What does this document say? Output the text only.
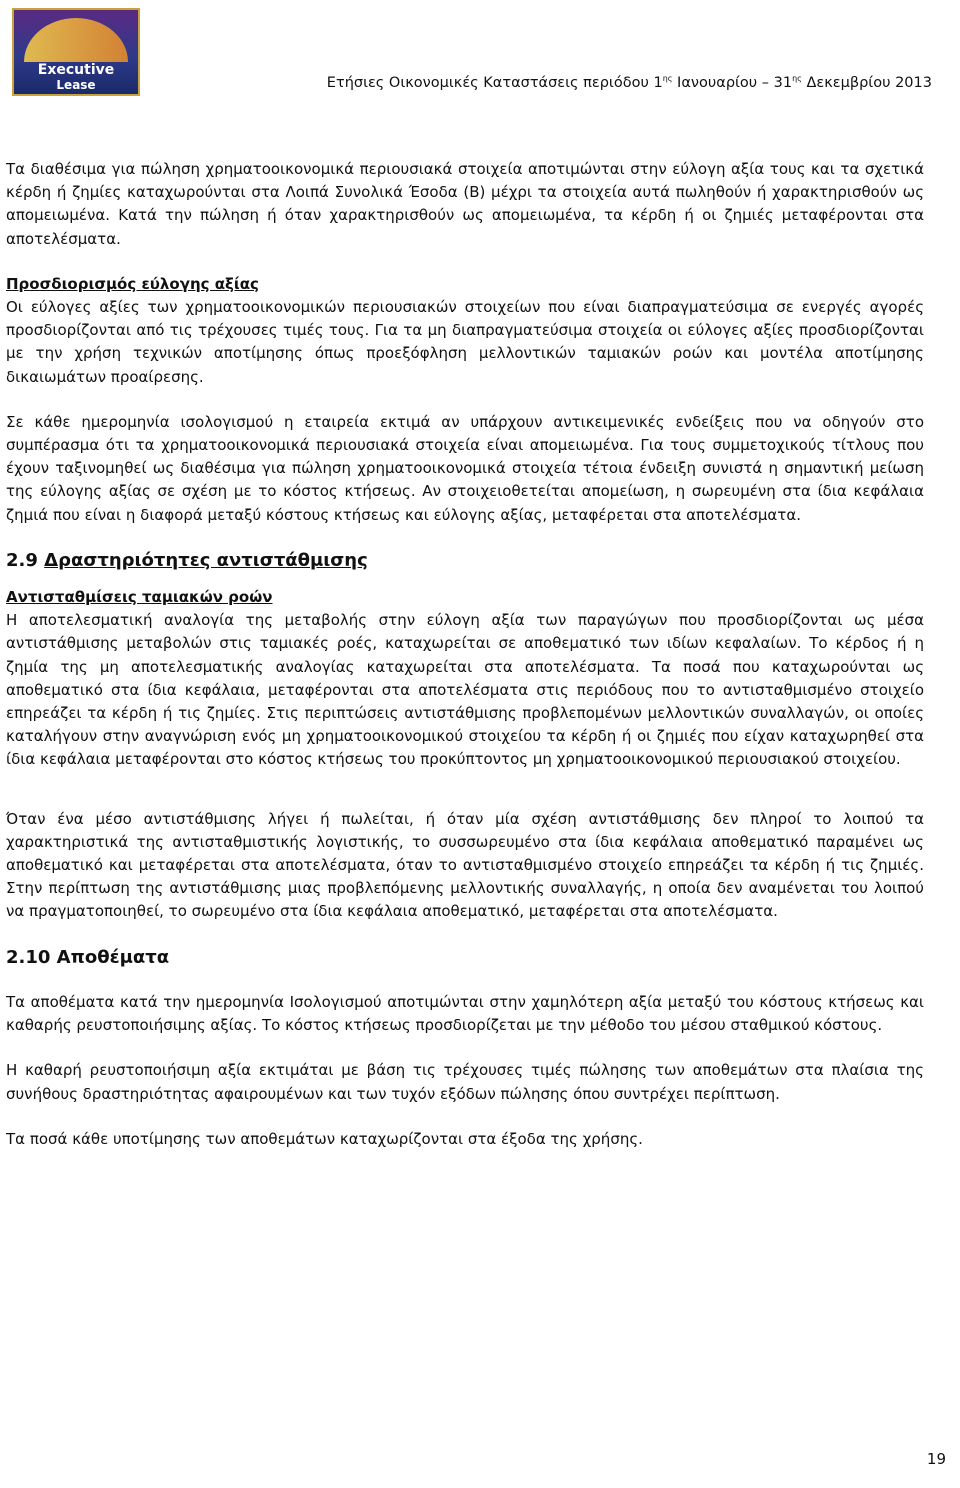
Executive
Lease	Ετήσιες Οικονομικές Καταστάσεις περιόδου $1^{\eta\varsigma}$ Ιανουαρίου – $31^{\eta\varsigma}$ Δεκεμβρίου 2013

Τα διαθέσιμα για πώληση χρηματοοικονομικά περιουσιακά στοιχεία αποτιμώνται στην εύλογη αξία τους και τα σχετικά κέρδη ή ζημίες καταχωρούνται στα Λοιπά Συνολικά Έσοδα (Β) μέχρι τα στοιχεία αυτά πωληθούν ή χαρακτηρισθούν ως απομειωμένα. Κατά την πώληση ή όταν χαρακτηρισθούν ως απομειωμένα, τα κέρδη ή οι ζημιές μεταφέρονται στα αποτελέσματα.

Προσδιορισμός εύλογης αξίας

Οι εύλογες αξίες των χρηματοοικονομικών περιουσιακών στοιχείων που είναι διαπραγματεύσιμα σε ενεργές αγορές προσδιορίζονται από τις τρέχουσες τιμές τους. Για τα μη διαπραγματεύσιμα στοιχεία οι εύλογες αξίες προσδιορίζονται με την χρήση τεχνικών αποτίμησης όπως προεξόφληση μελλοντικών ταμιακών ροών και μοντέλα αποτίμησης δικαιωμάτων προαίρεσης.

Σε κάθε ημερομηνία ισολογισμού η εταιρεία εκτιμά αν υπάρχουν αντικειμενικές ενδείξεις που να οδηγούν στο συμπέρασμα ότι τα χρηματοοικονομικά περιουσιακά στοιχεία είναι απομειωμένα. Για τους συμμετοχικούς τίτλους που έχουν ταξινομηθεί ως διαθέσιμα για πώληση χρηματοοικονομικά στοιχεία τέτοια ένδειξη συνιστά η σημαντική μείωση της εύλογης αξίας σε σχέση με το κόστος κτήσεως. Αν στοιχειοθετείται απομείωση, η σωρευμένη στα ίδια κεφάλαια ζημιά που είναι η διαφορά μεταξύ κόστους κτήσεως και εύλογης αξίας, μεταφέρεται στα αποτελέσματα.

2.9 Δραστηριότητες αντιστάθμισης
Αντισταθμίσεις ταμιακών ροών

Η αποτελεσματική αναλογία της μεταβολής στην εύλογη αξία των παραγώγων που προσδιορίζονται ως μέσα αντιστάθμισης μεταβολών στις ταμιακές ροές, καταχωρείται σε αποθεματικό των ιδίων κεφαλαίων. Το κέρδος ή η ζημία της μη αποτελεσματικής αναλογίας καταχωρείται στα αποτελέσματα. Τα ποσά που καταχωρούνται ως αποθεματικό στα ίδια κεφάλαια, μεταφέρονται στα αποτελέσματα στις περιόδους που το αντισταθμισμένο στοιχείο επηρεάζει τα κέρδη ή τις ζημίες. Στις περιπτώσεις αντιστάθμισης προβλεπομένων μελλοντικών συναλλαγών, οι οποίες καταλήγουν στην αναγνώριση ενός μη χρηματοοικονομικού στοιχείου τα κέρδη ή οι ζημιές που είχαν καταχωρηθεί στα ίδια κεφάλαια μεταφέρονται στο κόστος κτήσεως του προκύπτοντος μη χρηματοοικονομικού περιουσιακού στοιχείου.

Όταν ένα μέσο αντιστάθμισης λήγει ή πωλείται, ή όταν μία σχέση αντιστάθμισης δεν πληροί το λοιπού τα χαρακτηριστικά της αντισταθμιστικής λογιστικής, το συσσωρευμένο στα ίδια κεφάλαια αποθεματικό παραμένει ως αποθεματικό και μεταφέρεται στα αποτελέσματα, όταν το αντισταθμισμένο στοιχείο επηρεάζει τα κέρδη ή τις ζημιές. Στην περίπτωση της αντιστάθμισης μιας προβλεπόμενης μελλοντικής συναλλαγής, η οποία δεν αναμένεται του λοιπού να πραγματοποιηθεί, το σωρευμένο στα ίδια κεφάλαια αποθεματικό, μεταφέρεται στα αποτελέσματα.

2.10 Αποθέματα

Τα αποθέματα κατά την ημερομηνία Ισολογισμού αποτιμώνται στην χαμηλότερη αξία μεταξύ του κόστους κτήσεως και καθαρής ρευστοποιήσιμης αξίας. Το κόστος κτήσεως προσδιορίζεται με την μέθοδο του μέσου σταθμικού κόστους.

Η καθαρή ρευστοποιήσιμη αξία εκτιμάται με βάση τις τρέχουσες τιμές πώλησης των αποθεμάτων στα πλαίσια της συνήθους δραστηριότητας αφαιρουμένων και των τυχόν εξόδων πώλησης όπου συντρέχει περίπτωση.

Τα ποσά κάθε υποτίμησης των αποθεμάτων καταχωρίζονται στα έξοδα της χρήσης.

19
